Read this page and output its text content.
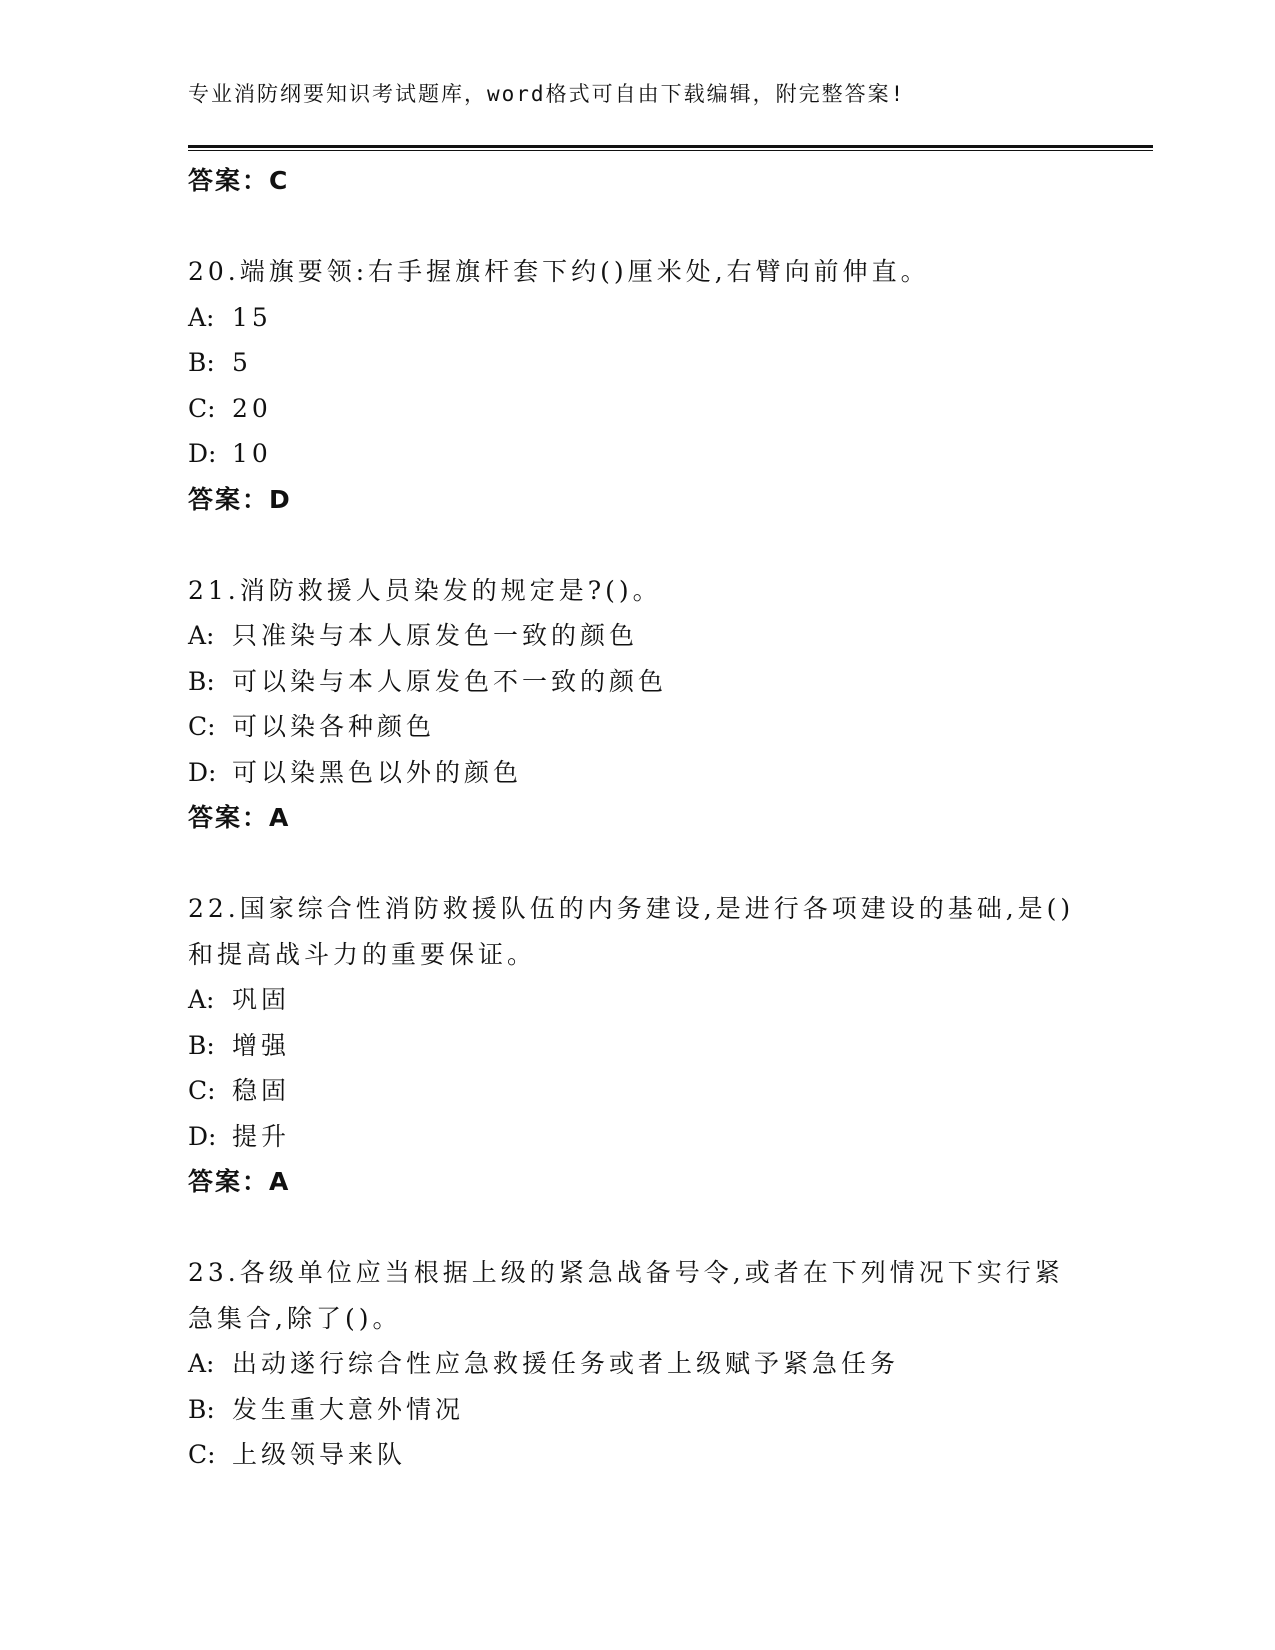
专业消防纲要知识考试题库，word格式可自由下载编辑，附完整答案!
答案：C
20.端旗要领:右手握旗杆套下约()厘米处,右臂向前伸直。
A: 15
B: 5
C: 20
D: 10
答案：D
21.消防救援人员染发的规定是?()。
A: 只准染与本人原发色一致的颜色
B: 可以染与本人原发色不一致的颜色
C: 可以染各种颜色
D: 可以染黑色以外的颜色
答案：A
22.国家综合性消防救援队伍的内务建设,是进行各项建设的基础,是()
和提高战斗力的重要保证。
A: 巩固
B: 增强
C: 稳固
D: 提升
答案：A
23.各级单位应当根据上级的紧急战备号令,或者在下列情况下实行紧
急集合,除了()。
A: 出动遂行综合性应急救援任务或者上级赋予紧急任务
B: 发生重大意外情况
C: 上级领导来队
